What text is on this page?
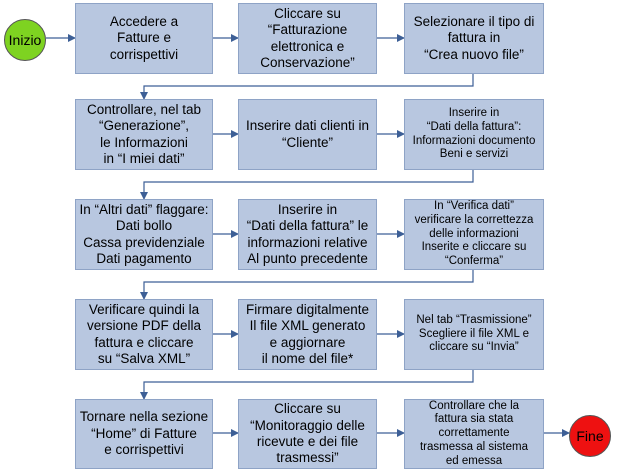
Inizio
Accedere a
Fatture e
corrispettivi
Cliccare su
“Fatturazione
elettronica e
Conservazione”
Selezionare il tipo di
fattura in
“Crea nuovo file”
Controllare, nel tab
“Generazione”,
le Informazioni
in “I miei dati”
Inserire dati clienti in
“Cliente”
Inserire in
“Dati della fattura”:
Informazioni documento
Beni e servizi
In “Altri dati” flaggare:
Dati bollo
Cassa previdenziale
Dati pagamento
Inserire in
“Dati della fattura” le
informazioni relative
Al punto precedente
In “Verifica dati”
verificare la correttezza
delle informazioni
Inserite e cliccare su
“Conferma”
Verificare quindi la
versione PDF della
fattura e cliccare
su “Salva XML”
Firmare digitalmente
Il file XML generato
e aggiornare
il nome del file*
Nel tab “Trasmissione”
Scegliere il file XML e
cliccare su “Invia”
Tornare nella sezione
“Home” di Fatture
e corrispettivi
Cliccare su
“Monitoraggio delle
ricevute e dei file
trasmessi”
Controllare che la
fattura sia stata
correttamente
trasmessa al sistema
ed emessa
Fine
